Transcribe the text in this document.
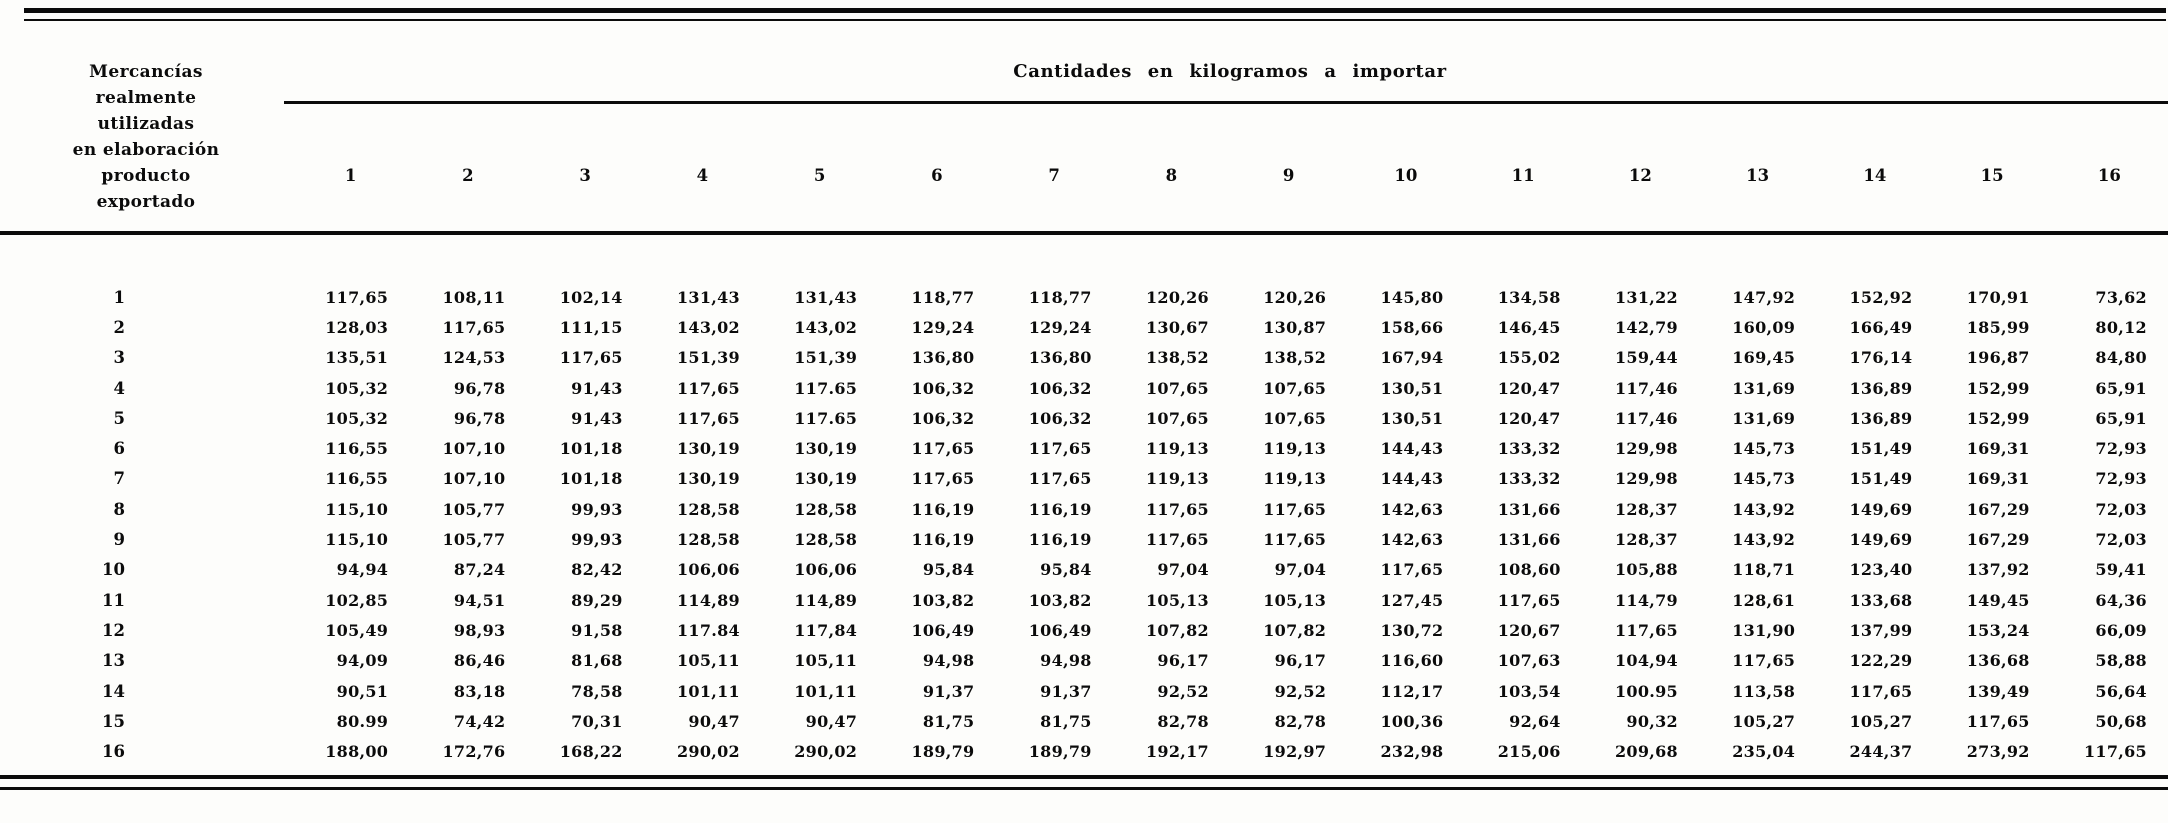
Mercancías
realmente
utilizadas
en elaboración
producto
exportado
Cantidades en kilogramos a importar
1	2	3	4	5	6	7	8	9	10	11	12	13	14	15	16
1	117,65	108,11	102,14	131,43	131,43	118,77	118,77	120,26	120,26	145,80	134,58	131,22	147,92	152,92	170,91	73,62
2	128,03	117,65	111,15	143,02	143,02	129,24	129,24	130,67	130,87	158,66	146,45	142,79	160,09	166,49	185,99	80,12
3	135,51	124,53	117,65	151,39	151,39	136,80	136,80	138,52	138,52	167,94	155,02	159,44	169,45	176,14	196,87	84,80
4	105,32	96,78	91,43	117,65	117.65	106,32	106,32	107,65	107,65	130,51	120,47	117,46	131,69	136,89	152,99	65,91
5	105,32	96,78	91,43	117,65	117.65	106,32	106,32	107,65	107,65	130,51	120,47	117,46	131,69	136,89	152,99	65,91
6	116,55	107,10	101,18	130,19	130,19	117,65	117,65	119,13	119,13	144,43	133,32	129,98	145,73	151,49	169,31	72,93
7	116,55	107,10	101,18	130,19	130,19	117,65	117,65	119,13	119,13	144,43	133,32	129,98	145,73	151,49	169,31	72,93
8	115,10	105,77	99,93	128,58	128,58	116,19	116,19	117,65	117,65	142,63	131,66	128,37	143,92	149,69	167,29	72,03
9	115,10	105,77	99,93	128,58	128,58	116,19	116,19	117,65	117,65	142,63	131,66	128,37	143,92	149,69	167,29	72,03
10	94,94	87,24	82,42	106,06	106,06	95,84	95,84	97,04	97,04	117,65	108,60	105,88	118,71	123,40	137,92	59,41
11	102,85	94,51	89,29	114,89	114,89	103,82	103,82	105,13	105,13	127,45	117,65	114,79	128,61	133,68	149,45	64,36
12	105,49	98,93	91,58	117.84	117,84	106,49	106,49	107,82	107,82	130,72	120,67	117,65	131,90	137,99	153,24	66,09
13	94,09	86,46	81,68	105,11	105,11	94,98	94,98	96,17	96,17	116,60	107,63	104,94	117,65	122,29	136,68	58,88
14	90,51	83,18	78,58	101,11	101,11	91,37	91,37	92,52	92,52	112,17	103,54	100.95	113,58	117,65	139,49	56,64
15	80.99	74,42	70,31	90,47	90,47	81,75	81,75	82,78	82,78	100,36	92,64	90,32	105,27	105,27	117,65	50,68
16	188,00	172,76	168,22	290,02	290,02	189,79	189,79	192,17	192,97	232,98	215,06	209,68	235,04	244,37	273,92	117,65
